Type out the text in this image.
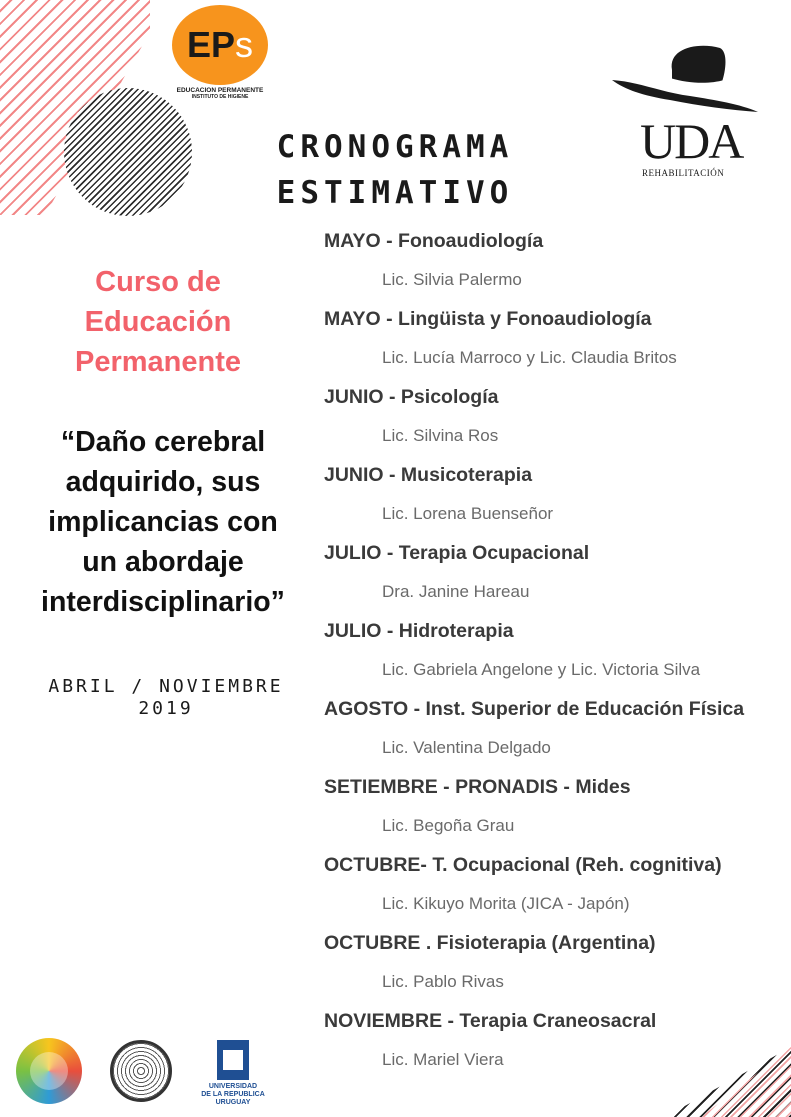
EPs
EDUCACION PERMANENTE
INSTITUTO DE HIGIENE
UDA
REHABILITACIÓN
CRONOGRAMA
ESTIMATIVO
Curso de
Educación
Permanente
“Daño cerebral
adquirido, sus
implicancias con
un abordaje
interdisciplinario”
ABRIL / NOVIEMBRE
2019
MAYO - Fonoaudiología
Lic. Silvia Palermo
MAYO - Lingüista y Fonoaudiología
Lic. Lucía Marroco y Lic. Claudia Britos
JUNIO - Psicología
Lic. Silvina Ros
JUNIO - Musicoterapia
Lic. Lorena Buenseñor
JULIO - Terapia Ocupacional
Dra. Janine Hareau
JULIO - Hidroterapia
Lic. Gabriela Angelone y Lic. Victoria Silva
AGOSTO - Inst. Superior de Educación Física
Lic. Valentina Delgado
SETIEMBRE - PRONADIS - Mides
Lic. Begoña Grau
OCTUBRE- T. Ocupacional (Reh. cognitiva)
Lic. Kikuyo Morita (JICA - Japón)
OCTUBRE . Fisioterapia (Argentina)
Lic. Pablo Rivas
NOVIEMBRE - Terapia Craneosacral
Lic. Mariel Viera
UNIVERSIDAD
DE LA REPUBLICA
URUGUAY
